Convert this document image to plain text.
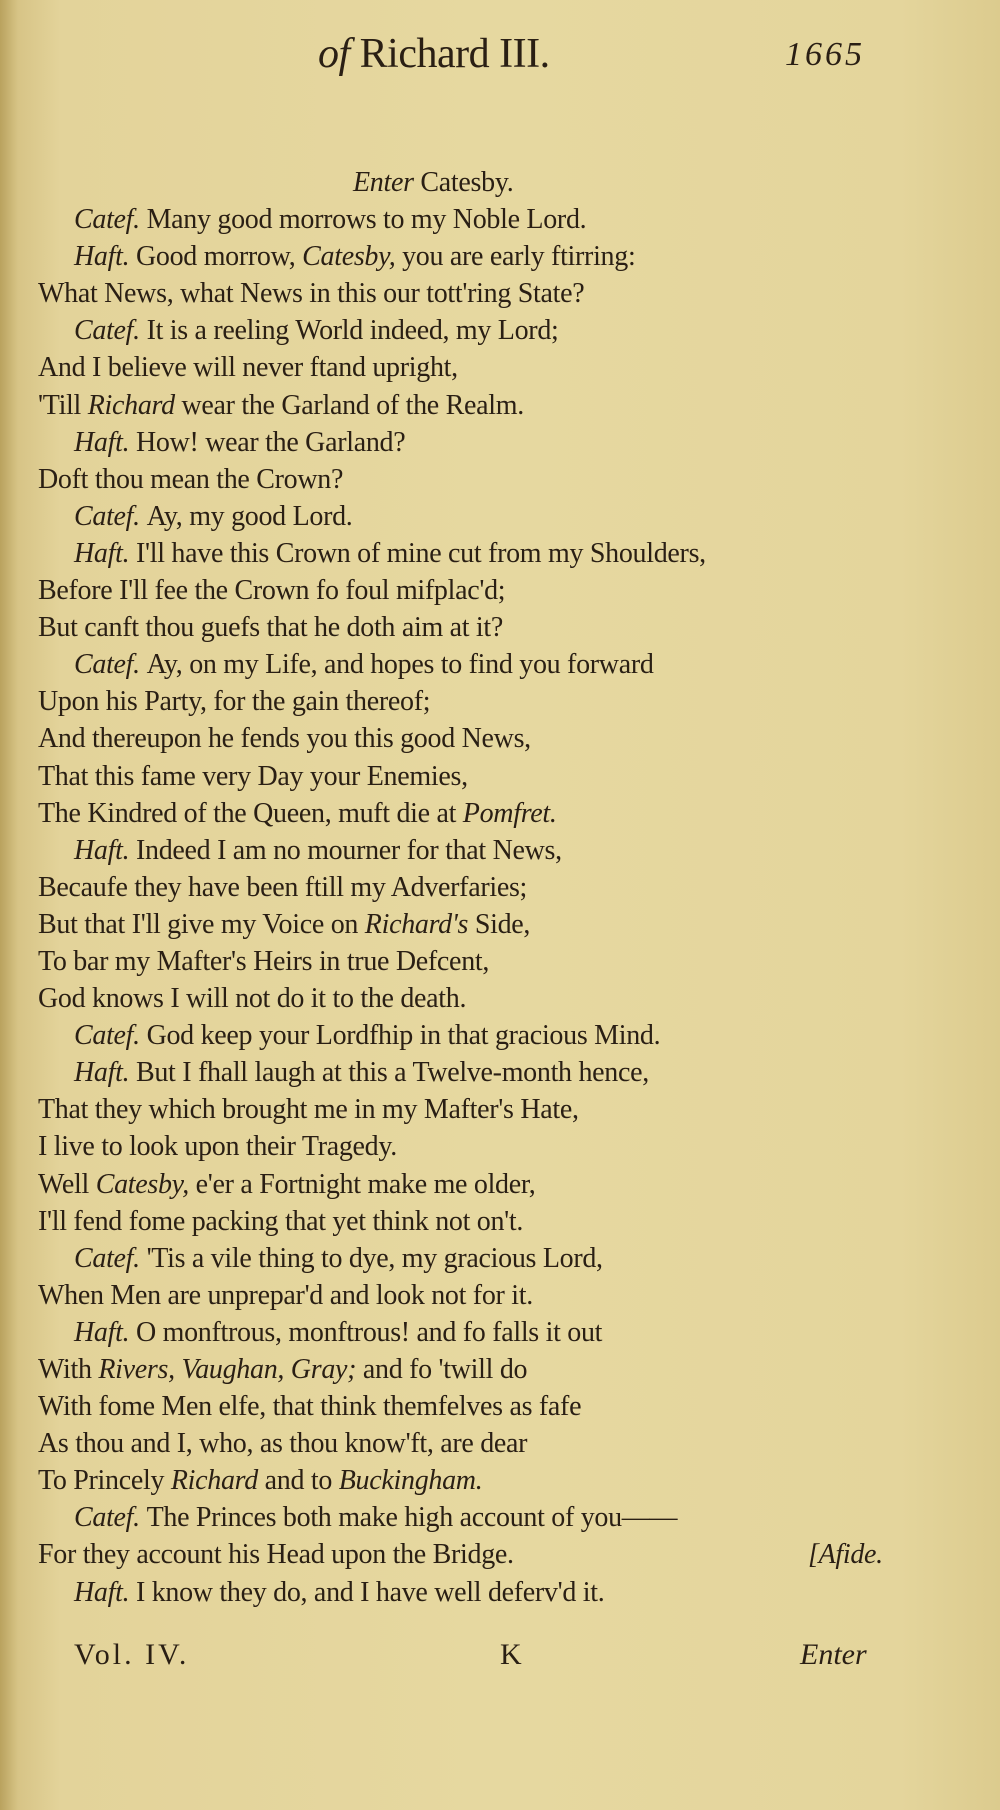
of Richard III.	1665
Enter Catesby.
Catef. Many good morrows to my Noble Lord.
Haft. Good morrow, Catesby, you are early ftirring:
What News, what News in this our tott'ring State?
Catef. It is a reeling World indeed, my Lord;
And I believe will never ftand upright,
'Till Richard wear the Garland of the Realm.
Haft. How! wear the Garland?
Doft thou mean the Crown?
Catef. Ay, my good Lord.
Haft. I'll have this Crown of mine cut from my Shoulders,
Before I'll fee the Crown fo foul mifplac'd;
But canft thou guefs that he doth aim at it?
Catef. Ay, on my Life, and hopes to find you forward
Upon his Party, for the gain thereof;
And thereupon he fends you this good News,
That this fame very Day your Enemies,
The Kindred of the Queen, muft die at Pomfret.
Haft. Indeed I am no mourner for that News,
Becaufe they have been ftill my Adverfaries;
But that I'll give my Voice on Richard's Side,
To bar my Mafter's Heirs in true Defcent,
God knows I will not do it to the death.
Catef. God keep your Lordfhip in that gracious Mind.
Haft. But I fhall laugh at this a Twelve-month hence,
That they which brought me in my Mafter's Hate,
I live to look upon their Tragedy.
Well Catesby, e'er a Fortnight make me older,
I'll fend fome packing that yet think not on't.
Catef. 'Tis a vile thing to dye, my gracious Lord,
When Men are unprepar'd and look not for it.
Haft. O monftrous, monftrous! and fo falls it out
With Rivers, Vaughan, Gray; and fo 'twill do
With fome Men elfe, that think themfelves as fafe
As thou and I, who, as thou know'ft, are dear
To Princely Richard and to Buckingham.
Catef. The Princes both make high account of you——
For they account his Head upon the Bridge.	[Afide.
Haft. I know they do, and I have well deferv'd it.
Vol. IV.	K	Enter
